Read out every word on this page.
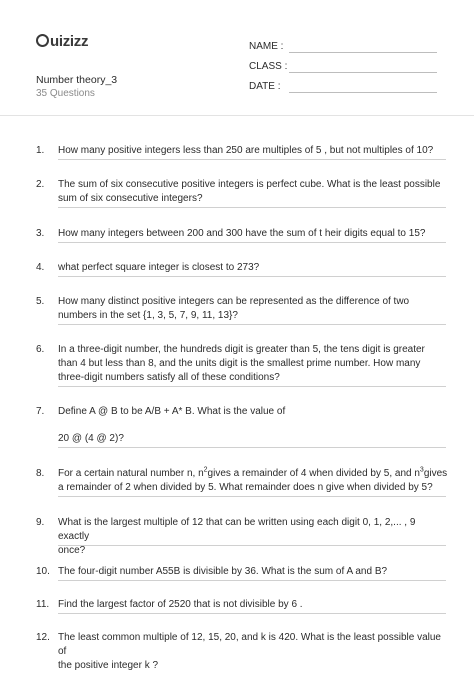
uizizz
Number theory_3
35 Questions
NAME :
CLASS :
DATE :
1.	How many positive integers less than 250 are multiples of 5 , but not multiples of 10?
2.	The sum of six consecutive positive integers is perfect cube. What is the least possible
sum of six consecutive integers?
3.	How many integers between 200 and 300 have the sum of t heir digits equal to 15?
4.	what perfect square integer is closest to 273?
5.	How many distinct positive integers can be represented as the difference of two
numbers in the set {1, 3, 5, 7, 9, 11, 13}?
6.	In a three-digit number, the hundreds digit is greater than 5, the tens digit is greater
than 4 but less than 8, and the units digit is the smallest prime number. How many
three-digit numbers satisfy all of these conditions?
7.	Define A @ B to be A/B + A* B. What is the value of
20 @ (4 @ 2)?
8.	For a certain natural number n, $n^2gives$ a remainder of 4 when divided by 5, and $n^3gives$
a remainder of 2 when divided by 5. What remainder does n give when divided by 5?
9.	What is the largest multiple of 12 that can be written using each digit 0, 1, 2,... , 9 exactly
once?
10. The four-digit number A55B is divisible by 36. What is the sum of A and B?
11. Find the largest factor of 2520 that is not divisible by 6 .
12. The least common multiple of 12, 15, 20, and k is 420. What is the least possible value of
the positive integer k ?
